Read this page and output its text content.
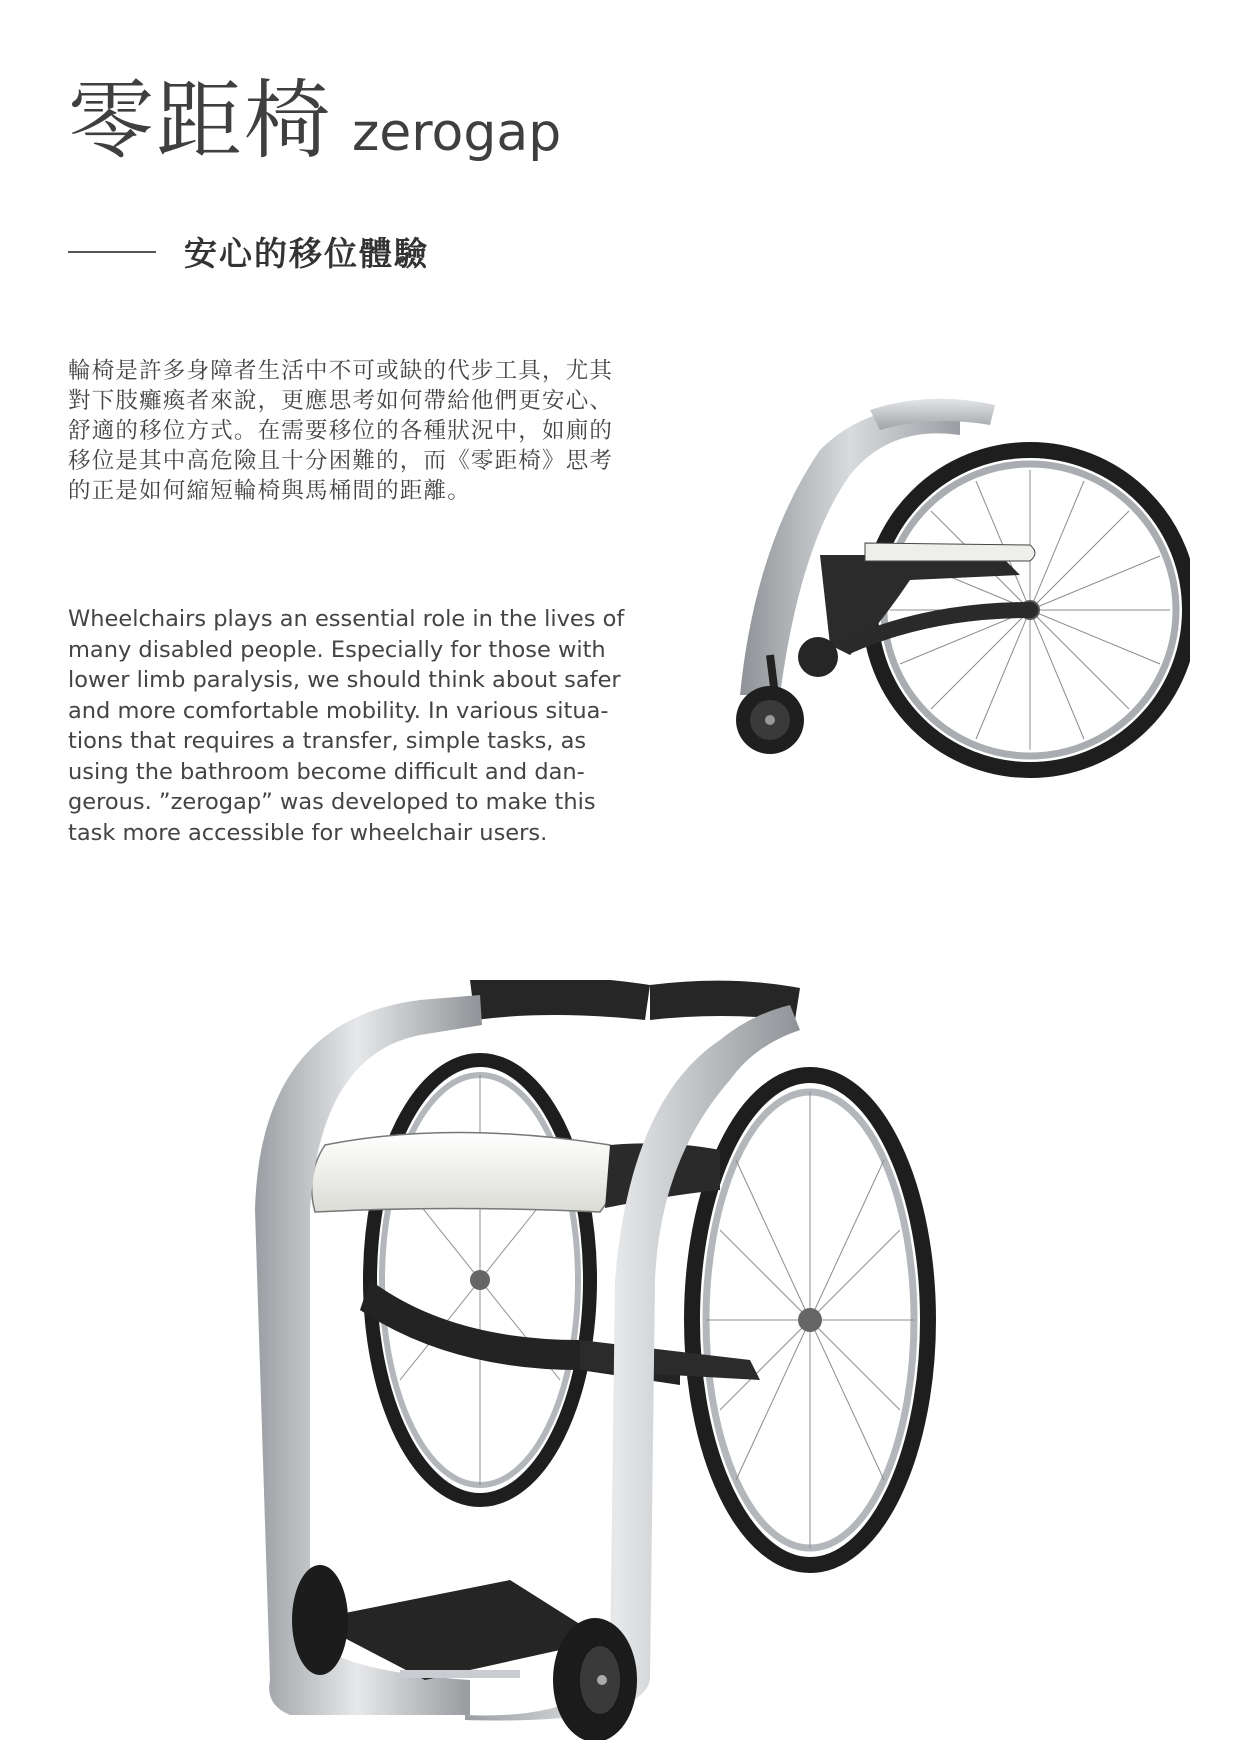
零距椅 zerogap
安心的移位體驗

輪椅是許多身障者生活中不可或缺的代步工具，尤其

對下肢癱瘓者來說，更應思考如何帶給他們更安心、

舒適的移位方式。在需要移位的各種狀況中，如廁的

移位是其中高危險且十分困難的，而《零距椅》思考

的正是如何縮短輪椅與馬桶間的距離。

Wheelchairs plays an essential role in the lives of

many disabled people. Especially for those with

lower limb paralysis, we should think about safer

and more comfortable mobility. In various situa-

tions that requires a transfer, simple tasks, as

using the bathroom become difficult and dan-

gerous. ”zerogap” was developed to make this

task more accessible for wheelchair users.
